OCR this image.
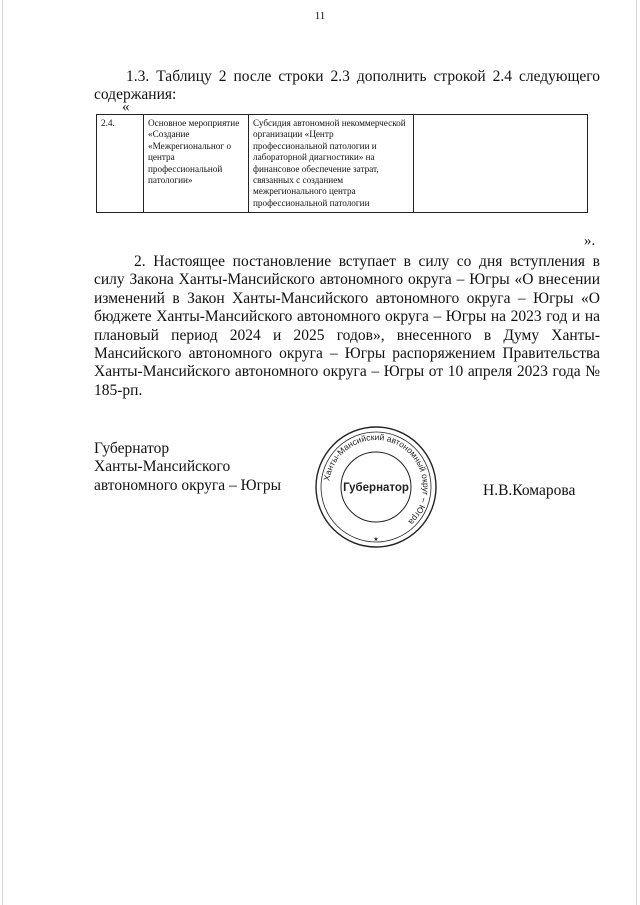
11

1.3. Таблицу 2 после строки 2.3 дополнить строкой 2.4 следующего содержания:

«
2.4.	Основное мероприятие «Создание «Межрегиональног о центра профессиональной патологии»	Субсидия автономной некоммерческой организации «Центр профессиональной патологии и лабораторной диагностики» на финансовое обеспечение затрат, связанных с созданием межрегионального центра профессиональной патологии	
».

2. Настоящее постановление вступает в силу со дня вступления в силу Закона Ханты-Мансийского автономного округа – Югры «О внесении изменений в Закон Ханты-Мансийского автономного округа – Югры «О бюджете Ханты-Мансийского автономного округа – Югры на 2023 год и на плановый период 2024 и 2025 годов», внесенного в Думу Ханты-Мансийского автономного округа – Югры распоряжением Правительства Ханты-Мансийского автономного округа – Югры от 10 апреля 2023 года № 185-рп.

Губернатор
Ханты-Мансийского
автономного округа – Югры	Ханты-Мансийский автономный округ – Югра
Губернатор
★
Н.В.Комарова
